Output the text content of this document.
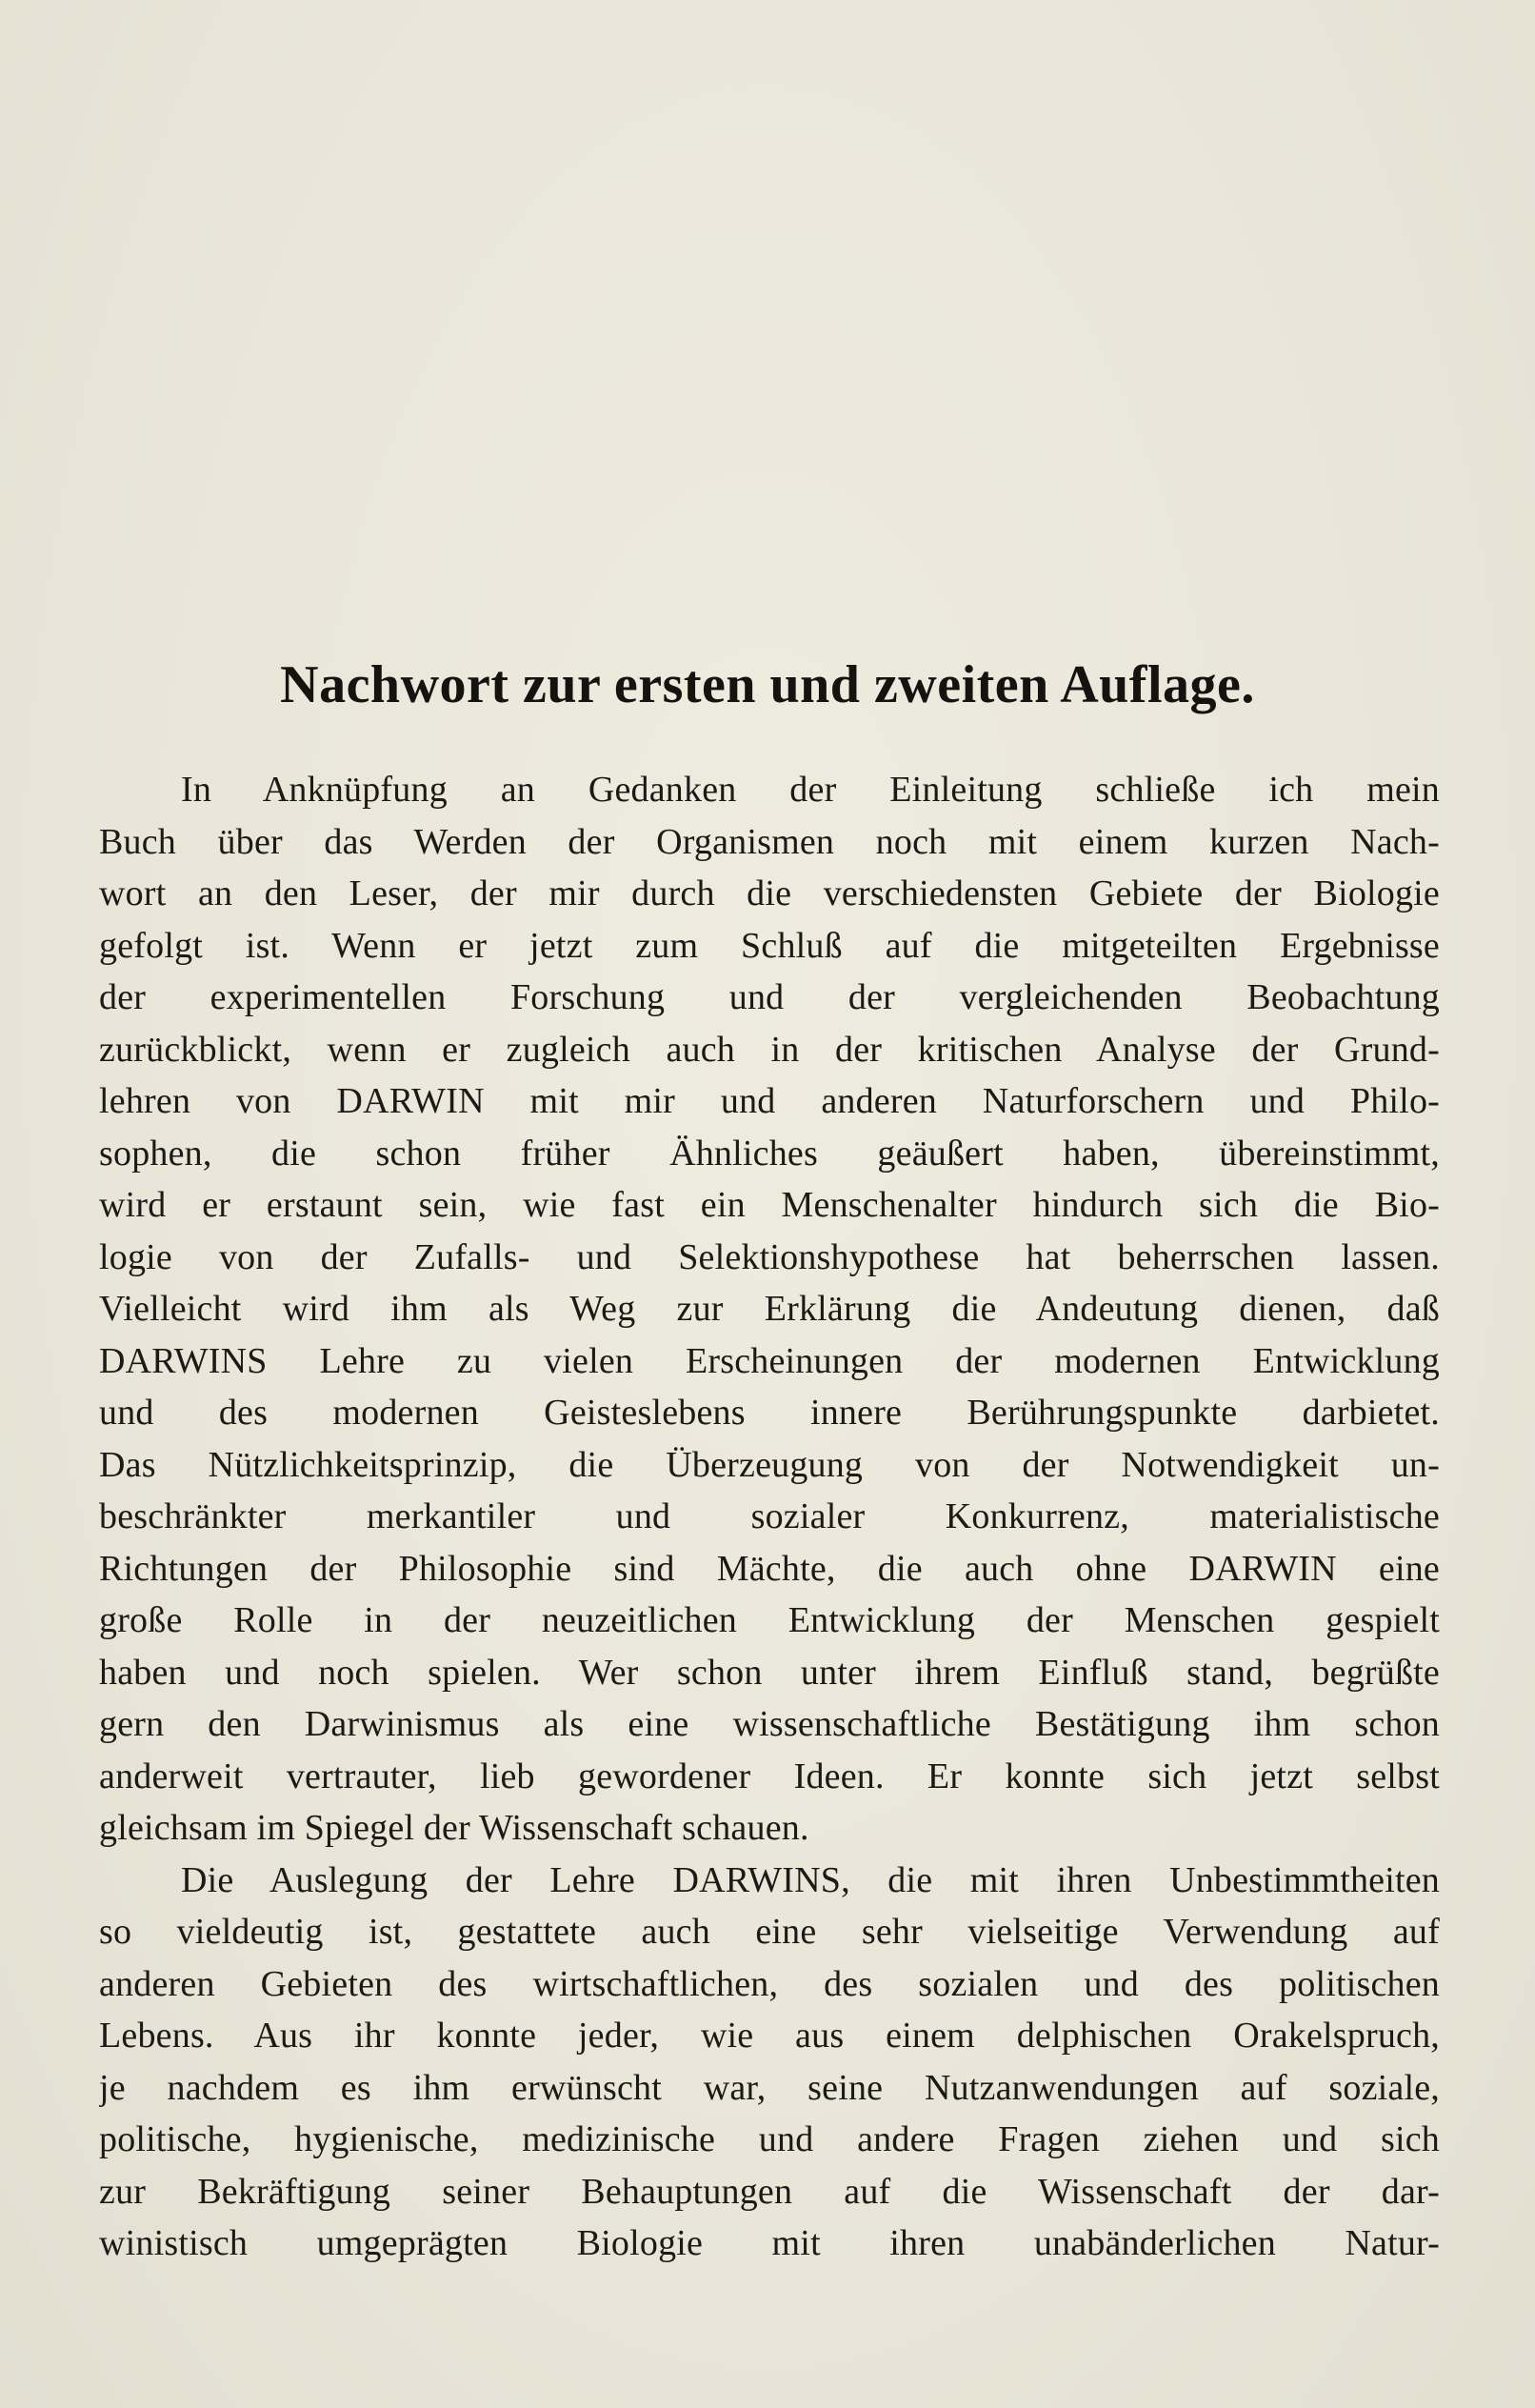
Nachwort zur ersten und zweiten Auflage.
In Anknüpfung an Gedanken der Einleitung schließe ich mein
Buch über das Werden der Organismen noch mit einem kurzen Nach-
wort an den Leser, der mir durch die verschiedensten Gebiete der Biologie
gefolgt ist. Wenn er jetzt zum Schluß auf die mitgeteilten Ergebnisse
der experimentellen Forschung und der vergleichenden Beobachtung
zurückblickt, wenn er zugleich auch in der kritischen Analyse der Grund-
lehren von DARWIN mit mir und anderen Naturforschern und Philo-
sophen, die schon früher Ähnliches geäußert haben, übereinstimmt,
wird er erstaunt sein, wie fast ein Menschenalter hindurch sich die Bio-
logie von der Zufalls- und Selektionshypothese hat beherrschen lassen.
Vielleicht wird ihm als Weg zur Erklärung die Andeutung dienen, daß
DARWINS Lehre zu vielen Erscheinungen der modernen Entwicklung
und des modernen Geisteslebens innere Berührungspunkte darbietet.
Das Nützlichkeitsprinzip, die Überzeugung von der Notwendigkeit un-
beschränkter merkantiler und sozialer Konkurrenz, materialistische
Richtungen der Philosophie sind Mächte, die auch ohne DARWIN eine
große Rolle in der neuzeitlichen Entwicklung der Menschen gespielt
haben und noch spielen. Wer schon unter ihrem Einfluß stand, begrüßte
gern den Darwinismus als eine wissenschaftliche Bestätigung ihm schon
anderweit vertrauter, lieb gewordener Ideen. Er konnte sich jetzt selbst
gleichsam im Spiegel der Wissenschaft schauen.
Die Auslegung der Lehre DARWINS, die mit ihren Unbestimmtheiten
so vieldeutig ist, gestattete auch eine sehr vielseitige Verwendung auf
anderen Gebieten des wirtschaftlichen, des sozialen und des politischen
Lebens. Aus ihr konnte jeder, wie aus einem delphischen Orakelspruch,
je nachdem es ihm erwünscht war, seine Nutzanwendungen auf soziale,
politische, hygienische, medizinische und andere Fragen ziehen und sich
zur Bekräftigung seiner Behauptungen auf die Wissenschaft der dar-
winistisch umgeprägten Biologie mit ihren unabänderlichen Natur-
